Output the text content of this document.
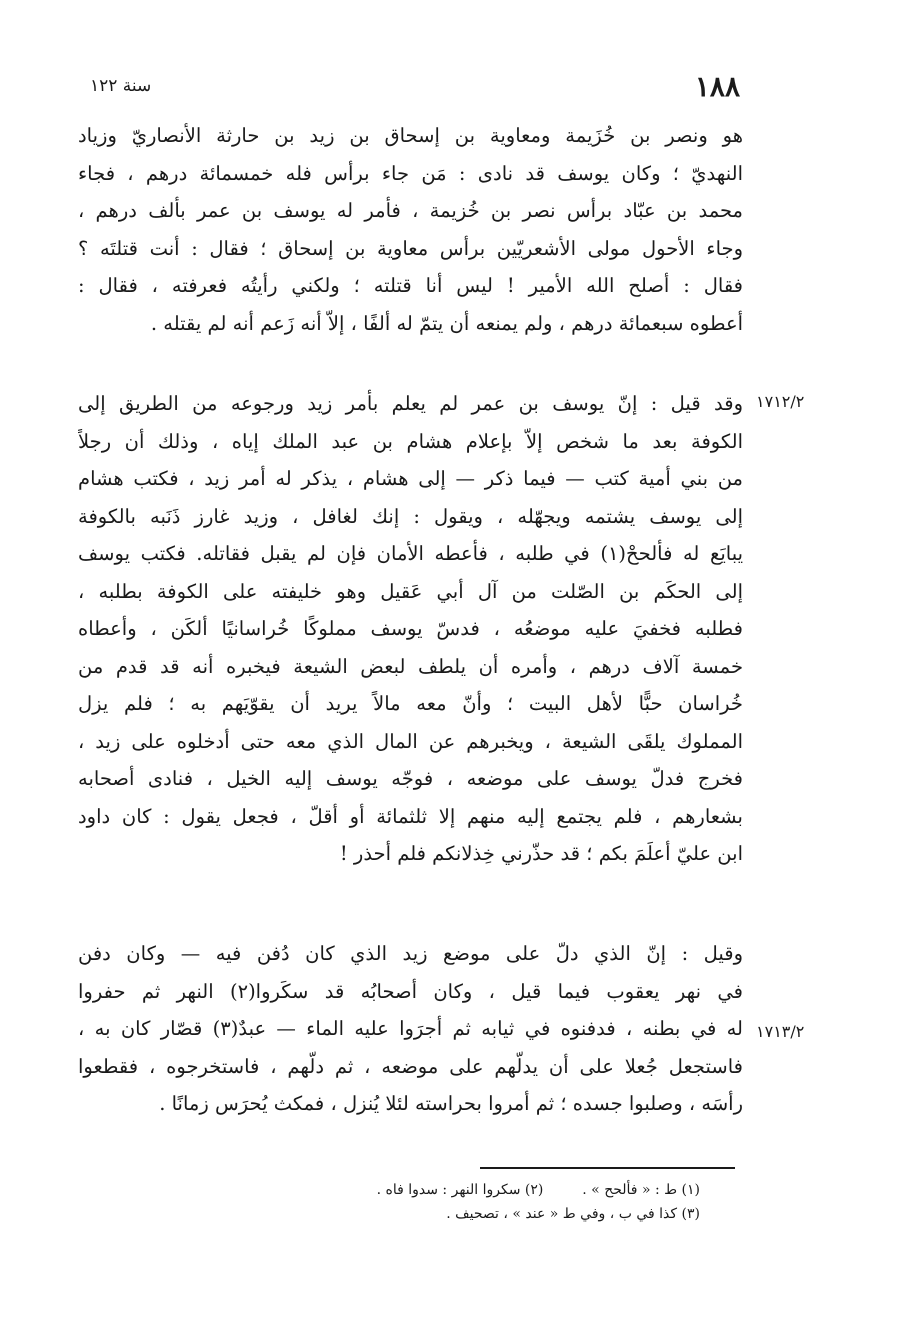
١٨٨
سنة ١٢٢
هو ونصر بن خُزَيمة ومعاوية بن إسحاق بن زيد بن حارثة الأنصاريّ وزياد
النهديّ ؛ وكان يوسف قد نادى : مَن جاء برأس فله خمسمائة درهم ، فجاء
محمد بن عبّاد برأس نصر بن خُزيمة ، فأمر له يوسف بن عمر بألف درهم ،
وجاء الأحول مولى الأشعريّين برأس معاوية بن إسحاق ؛ فقال : أنت قتلتَه ؟
فقال : أصلح الله الأمير ! ليس أنا قتلته ؛ ولكني رأيتُه فعرفته ، فقال :
أعطوه سبعمائة درهم ، ولم يمنعه أن يتمّ له ألفًا ، إلاّ أنه زَعم أنه لم يقتله .
١٧١٢/٢
وقد قيل : إنّ يوسف بن عمر لم يعلم بأمر زيد ورجوعه من الطريق إلى
الكوفة بعد ما شخص إلاّ بإعلام هشام بن عبد الملك إياه ، وذلك أن رجلاً
من بني أمية كتب — فيما ذكر — إلى هشام ، يذكر له أمر زيد ، فكتب هشام
إلى يوسف يشتمه ويجهّله ، ويقول : إنك لغافل ، وزيد غارز ذَنَبه بالكوفة
يبايَع له فألححْ(١) في طلبه ، فأعطه الأمان فإن لم يقبل فقاتله. فكتب يوسف
إلى الحكَم بن الصّلت من آل أبي عَقيل وهو خليفته على الكوفة بطلبه ،
فطلبه فخفيَ عليه موضعُه ، فدسّ يوسف مملوكًا خُراسانيًا ألكَن ، وأعطاه
خمسة آلاف درهم ، وأمره أن يلطف لبعض الشيعة فيخبره أنه قد قدم من
خُراسان حبًّا لأهل البيت ؛ وأنّ معه مالاً يريد أن يقوّيَهم به ؛ فلم يزل
المملوك يلقَى الشيعة ، ويخبرهم عن المال الذي معه حتى أدخلوه على زيد ،
فخرج فدلّ يوسف على موضعه ، فوجّه يوسف إليه الخيل ، فنادى أصحابه
بشعارهم ، فلم يجتمع إليه منهم إلا ثلثمائة أو أقلّ ، فجعل يقول : كان داود
ابن عليّ أعلَمَ بكم ؛ قد حذّرني خِذلانكم فلم أحذر !
١٧١٣/٢
وقيل : إنّ الذي دلّ على موضع زيد الذي كان دُفن فيه — وكان دفن
في نهر يعقوب فيما قيل ، وكان أصحابُه قد سكَروا(٢) النهر ثم حفروا
له في بطنه ، فدفنوه في ثيابه ثم أجرَوا عليه الماء — عبدٌ(٣) قصّار كان به ،
فاستجعل جُعلا على أن يدلّهم على موضعه ، ثم دلّهم ، فاستخرجوه ، فقطعوا
رأسَه ، وصلبوا جسده ؛ ثم أمروا بحراسته لئلا يُنزل ، فمكث يُحرَس زمانًا .
(١) ط : « فألحح » .  (٢) سكروا النهر : سدوا فاه .
(٣) كذا في ب ، وفي ط « عند » ، تصحيف .
